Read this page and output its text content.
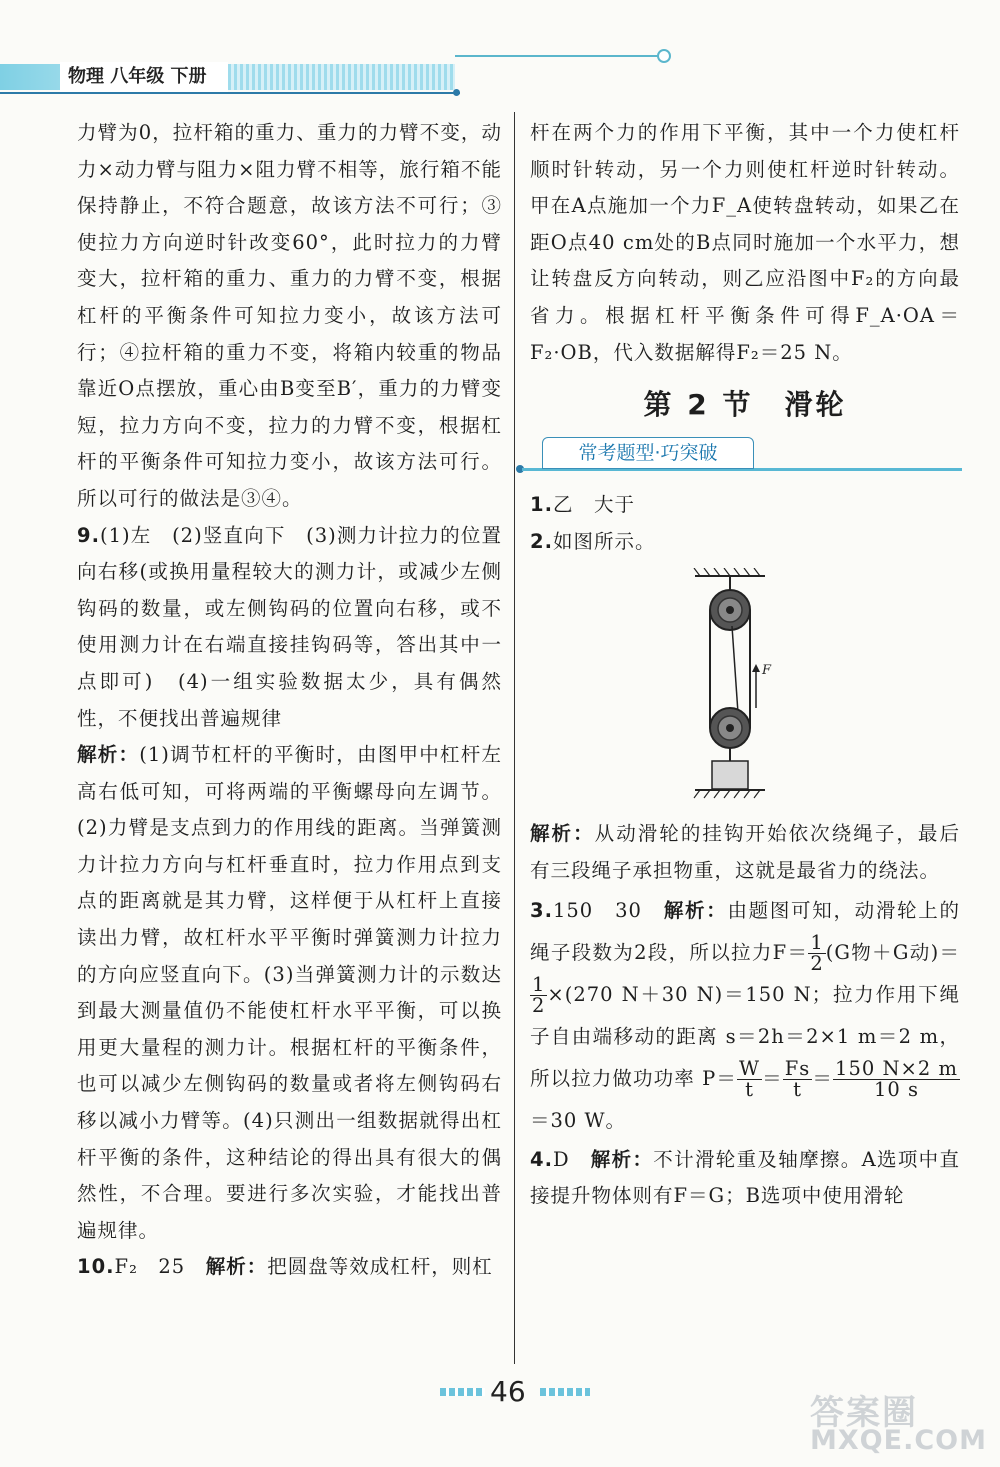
物理 八年级 下册

力臂为0，拉杆箱的重力、重力的力臂不变，动力×动力臂与阻力×阻力臂不相等，旅行箱不能保持静止，不符合题意，故该方法不可行；③使拉力方向逆时针改变60°，此时拉力的力臂变大，拉杆箱的重力、重力的力臂不变，根据杠杆的平衡条件可知拉力变小，故该方法可行；④拉杆箱的重力不变，将箱内较重的物品靠近O点摆放，重心由B变至B′，重力的力臂变短，拉力方向不变，拉力的力臂不变，根据杠杆的平衡条件可知拉力变小，故该方法可行。所以可行的做法是③④。

9.(1)左　(2)竖直向下　(3)测力计拉力的位置向右移(或换用量程较大的测力计，或减少左侧钩码的数量，或左侧钩码的位置向右移，或不使用测力计在右端直接挂钩码等，答出其中一点即可)　(4)一组实验数据太少，具有偶然性，不便找出普遍规律

解析：(1)调节杠杆的平衡时，由图甲中杠杆左高右低可知，可将两端的平衡螺母向左调节。(2)力臂是支点到力的作用线的距离。当弹簧测力计拉力方向与杠杆垂直时，拉力作用点到支点的距离就是其力臂，这样便于从杠杆上直接读出力臂，故杠杆水平平衡时弹簧测力计拉力的方向应竖直向下。(3)当弹簧测力计的示数达到最大测量值仍不能使杠杆水平平衡，可以换用更大量程的测力计。根据杠杆的平衡条件，也可以减少左侧钩码的数量或者将左侧钩码右移以减小力臂等。(4)只测出一组数据就得出杠杆平衡的条件，这种结论的得出具有很大的偶然性，不合理。要进行多次实验，才能找出普遍规律。

10.F₂　25　解析：把圆盘等效成杠杆，则杠

杆在两个力的作用下平衡，其中一个力使杠杆顺时针转动，另一个力则使杠杆逆时针转动。甲在A点施加一个力F_A使转盘转动，如果乙在距O点40 cm处的B点同时施加一个水平力，想让转盘反方向转动，则乙应沿图中F₂的方向最省力。根据杠杆平衡条件可得F_A·OA＝F₂·OB，代入数据解得F₂＝25 N。

第 2 节　滑轮
常考题型·巧突破

1.乙　大于

2.如图所示。

F

解析：从动滑轮的挂钩开始依次绕绳子，最后有三段绳子承担物重，这就是最省力的绕法。

3.150　30　解析：由题图可知，动滑轮上的绳子段数为2段，所以拉力$F= \frac{1}{2} (G$物＋G动)＝
$\frac{1}{2} \times(270$ N＋30 N)＝150 N；拉力作用下绳子自由端移动的距离 s＝2h＝2×1 m＝2 m，所以拉力做功功率 $P= \frac{W}{t} = \frac{Fs}{t} = \frac{150 N\times 2 m}{10 s}$
＝30 W。

4.D　解析：不计滑轮重及轴摩擦。A选项中直接提升物体则有F＝G；B选项中使用滑轮

46
答案圈
MXQE.COM
